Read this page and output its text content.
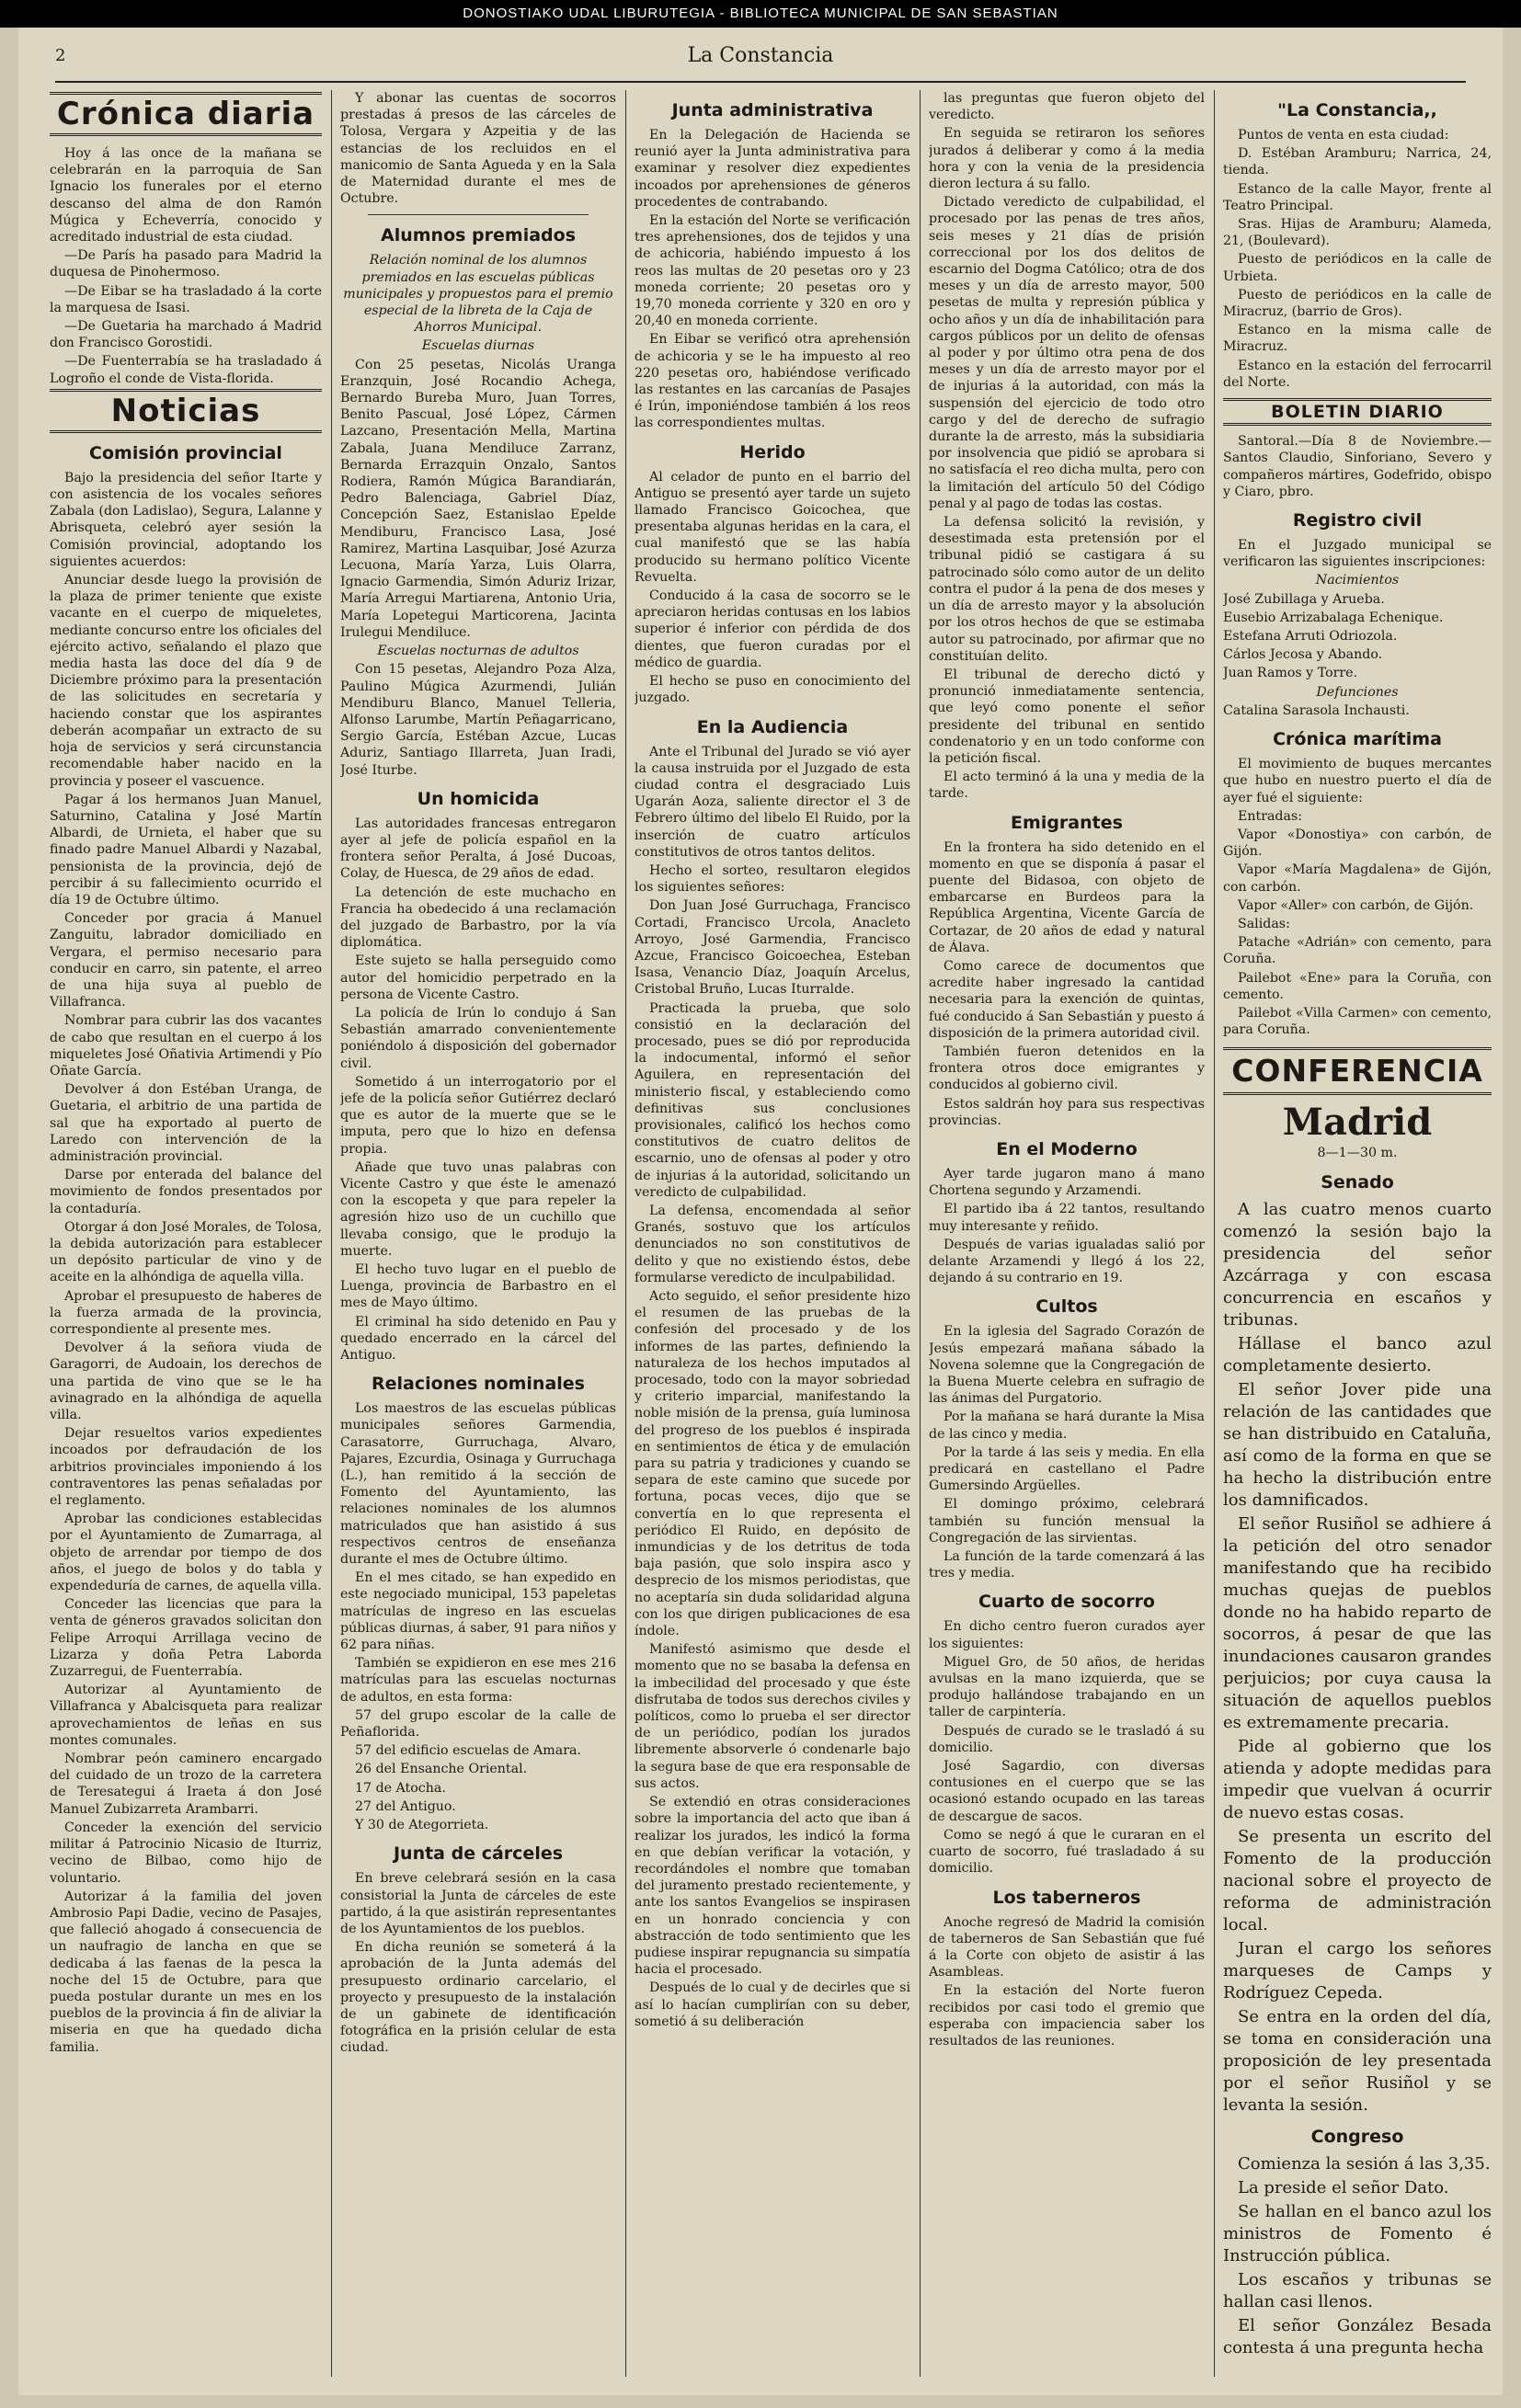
DONOSTIAKO UDAL LIBURUTEGIA - BIBLIOTECA MUNICIPAL DE SAN SEBASTIAN
2	La Constancia
Crónica diaria

Hoy á las once de la mañana se celebrarán en la parroquia de San Ignacio los funerales por el eterno descanso del alma de don Ramón Múgica y Echeverría, conocido y acreditado industrial de esta ciudad.

—De París ha pasado para Madrid la duquesa de Pinohermoso.

—De Eibar se ha trasladado á la corte la marquesa de Isasi.

—De Guetaria ha marchado á Madrid don Francisco Gorostidi.

—De Fuenterrabía se ha trasladado á Logroño el conde de Vista-florida.

Noticias
Comisión provincial

Bajo la presidencia del señor Itarte y con asistencia de los vocales señores Zabala (don Ladislao), Segura, Lalanne y Abrisqueta, celebró ayer sesión la Comisión provincial, adoptando los siguientes acuerdos:

Anunciar desde luego la provisión de la plaza de primer teniente que existe vacante en el cuerpo de miqueletes, mediante concurso entre los oficiales del ejército activo, señalando el plazo que media hasta las doce del día 9 de Diciembre próximo para la presentación de las solicitudes en secretaría y haciendo constar que los aspirantes deberán acompañar un extracto de su hoja de servicios y será circunstancia recomendable haber nacido en la provincia y poseer el vascuence.

Pagar á los hermanos Juan Manuel, Saturnino, Catalina y José Martín Albardi, de Urnieta, el haber que su finado padre Manuel Albardi y Nazabal, pensionista de la provincia, dejó de percibir á su fallecimiento ocurrido el día 19 de Octubre último.

Conceder por gracia á Manuel Zanguitu, labrador domiciliado en Vergara, el permiso necesario para conducir en carro, sin patente, el arreo de una hija suya al pueblo de Villafranca.

Nombrar para cubrir las dos vacantes de cabo que resultan en el cuerpo á los miqueletes José Oñativia Artimendi y Pío Oñate García.

Devolver á don Estéban Uranga, de Guetaria, el arbitrio de una partida de sal que ha exportado al puerto de Laredo con intervención de la administración provincial.

Darse por enterada del balance del movimiento de fondos presentados por la contaduría.

Otorgar á don José Morales, de Tolosa, la debida autorización para establecer un depósito particular de vino y de aceite en la alhóndiga de aquella villa.

Aprobar el presupuesto de haberes de la fuerza armada de la provincia, correspondiente al presente mes.

Devolver á la señora viuda de Garagorri, de Audoain, los derechos de una partida de vino que se le ha avinagrado en la alhóndiga de aquella villa.

Dejar resueltos varios expedientes incoados por defraudación de los arbitrios provinciales imponiendo á los contraventores las penas señaladas por el reglamento.

Aprobar las condiciones establecidas por el Ayuntamiento de Zumarraga, al objeto de arrendar por tiempo de dos años, el juego de bolos y do tabla y expendeduría de carnes, de aquella villa.

Conceder las licencias que para la venta de géneros gravados solicitan don Felipe Arroqui Arrillaga vecino de Lizarza y doña Petra Laborda Zuzarregui, de Fuenterrabía.

Autorizar al Ayuntamiento de Villafranca y Abalcisqueta para realizar aprovechamientos de leñas en sus montes comunales.

Nombrar peón caminero encargado del cuidado de un trozo de la carretera de Teresategui á Iraeta á don José Manuel Zubizarreta Arambarri.

Conceder la exención del servicio militar á Patrocinio Nicasio de Iturriz, vecino de Bilbao, como hijo de voluntario.

Autorizar á la familia del joven Ambrosio Papi Dadie, vecino de Pasajes, que falleció ahogado á consecuencia de un naufragio de lancha en que se dedicaba á las faenas de la pesca la noche del 15 de Octubre, para que pueda postular durante un mes en los pueblos de la provincia á fin de aliviar la miseria en que ha quedado dicha familia.

Y abonar las cuentas de socorros prestadas á presos de las cárceles de Tolosa, Vergara y Azpeitia y de las estancias de los recluidos en el manicomio de Santa Agueda y en la Sala de Maternidad durante el mes de Octubre.

Alumnos premiados

Relación nominal de los alumnos premiados en las escuelas públicas municipales y propuestos para el premio especial de la libreta de la Caja de Ahorros Municipal.

Escuelas diurnas

Con 25 pesetas, Nicolás Uranga Eranzquin, José Rocandio Achega, Bernardo Bureba Muro, Juan Torres, Benito Pascual, José López, Cármen Lazcano, Presentación Mella, Martina Zabala, Juana Mendiluce Zarranz, Bernarda Errazquin Onzalo, Santos Rodiera, Ramón Múgica Barandiarán, Pedro Balenciaga, Gabriel Díaz, Concepción Saez, Estanislao Epelde Mendiburu, Francisco Lasa, José Ramirez, Martina Lasquibar, José Azurza Lecuona, María Yarza, Luis Olarra, Ignacio Garmendia, Simón Aduriz Irizar, María Arregui Martiarena, Antonio Uria, María Lopetegui Marticorena, Jacinta Irulegui Mendiluce.

Escuelas nocturnas de adultos

Con 15 pesetas, Alejandro Poza Alza, Paulino Múgica Azurmendi, Julián Mendiburu Blanco, Manuel Telleria, Alfonso Larumbe, Martín Peñagarricano, Sergio García, Estéban Azcue, Lucas Aduriz, Santiago Illarreta, Juan Iradi, José Iturbe.

Un homicida

Las autoridades francesas entregaron ayer al jefe de policía español en la frontera señor Peralta, á José Ducoas, Colay, de Huesca, de 29 años de edad.

La detención de este muchacho en Francia ha obedecido á una reclamación del juzgado de Barbastro, por la vía diplomática.

Este sujeto se halla perseguido como autor del homicidio perpetrado en la persona de Vicente Castro.

La policía de Irún lo condujo á San Sebastián amarrado convenientemente poniéndolo á disposición del gobernador civil.

Sometido á un interrogatorio por el jefe de la policía señor Gutiérrez declaró que es autor de la muerte que se le imputa, pero que lo hizo en defensa propia.

Añade que tuvo unas palabras con Vicente Castro y que éste le amenazó con la escopeta y que para repeler la agresión hizo uso de un cuchillo que llevaba consigo, que le produjo la muerte.

El hecho tuvo lugar en el pueblo de Luenga, provincia de Barbastro en el mes de Mayo último.

El criminal ha sido detenido en Pau y quedado encerrado en la cárcel del Antiguo.

Relaciones nominales

Los maestros de las escuelas públicas municipales señores Garmendia, Carasatorre, Gurruchaga, Alvaro, Pajares, Ezcurdia, Osinaga y Gurruchaga (L.), han remitido á la sección de Fomento del Ayuntamiento, las relaciones nominales de los alumnos matriculados que han asistido á sus respectivos centros de enseñanza durante el mes de Octubre último.

En el mes citado, se han expedido en este negociado municipal, 153 papeletas matrículas de ingreso en las escuelas públicas diurnas, á saber, 91 para niños y 62 para niñas.

También se expidieron en ese mes 216 matrículas para las escuelas nocturnas de adultos, en esta forma:

57 del grupo escolar de la calle de Peñaflorida.

57 del edificio escuelas de Amara.

26 del Ensanche Oriental.

17 de Atocha.

27 del Antiguo.

Y 30 de Ategorrieta.

Junta de cárceles

En breve celebrará sesión en la casa consistorial la Junta de cárceles de este partido, á la que asistirán representantes de los Ayuntamientos de los pueblos.

En dicha reunión se someterá á la aprobación de la Junta además del presupuesto ordinario carcelario, el proyecto y presupuesto de la instalación de un gabinete de identificación fotográfica en la prisión celular de esta ciudad.

Junta administrativa

En la Delegación de Hacienda se reunió ayer la Junta administrativa para examinar y resolver diez expedientes incoados por aprehensiones de géneros procedentes de contrabando.

En la estación del Norte se verificación tres aprehensiones, dos de tejidos y una de achicoria, habiéndo impuesto á los reos las multas de 20 pesetas oro y 23 moneda corriente; 20 pesetas oro y 19,70 moneda corriente y 320 en oro y 20,40 en moneda corriente.

En Eibar se verificó otra aprehensión de achicoria y se le ha impuesto al reo 220 pesetas oro, habiéndose verificado las restantes en las carcanías de Pasajes é Irún, imponiéndose también á los reos las correspondientes multas.

Herido

Al celador de punto en el barrio del Antiguo se presentó ayer tarde un sujeto llamado Francisco Goicochea, que presentaba algunas heridas en la cara, el cual manifestó que se las había producido su hermano político Vicente Revuelta.

Conducido á la casa de socorro se le apreciaron heridas contusas en los labios superior é inferior con pérdida de dos dientes, que fueron curadas por el médico de guardia.

El hecho se puso en conocimiento del juzgado.

En la Audiencia

Ante el Tribunal del Jurado se vió ayer la causa instruida por el Juzgado de esta ciudad contra el desgraciado Luis Ugarán Aoza, saliente director el 3 de Febrero último del libelo El Ruido, por la inserción de cuatro artículos constitutivos de otros tantos delitos.

Hecho el sorteo, resultaron elegidos los siguientes señores:

Don Juan José Gurruchaga, Francisco Cortadi, Francisco Urcola, Anacleto Arroyo, José Garmendia, Francisco Azcue, Francisco Goicoechea, Esteban Isasa, Venancio Díaz, Joaquín Arcelus, Cristobal Bruño, Lucas Iturralde.

Practicada la prueba, que solo consistió en la declaración del procesado, pues se dió por reproducida la indocumental, informó el señor Aguilera, en representación del ministerio fiscal, y estableciendo como definitivas sus conclusiones provisionales, calificó los hechos como constitutivos de cuatro delitos de escarnio, uno de ofensas al poder y otro de injurias á la autoridad, solicitando un veredicto de culpabilidad.

La defensa, encomendada al señor Granés, sostuvo que los artículos denunciados no son constitutivos de delito y que no existiendo éstos, debe formularse veredicto de inculpabilidad.

Acto seguido, el señor presidente hizo el resumen de las pruebas de la confesión del procesado y de los informes de las partes, definiendo la naturaleza de los hechos imputados al procesado, todo con la mayor sobriedad y criterio imparcial, manifestando la noble misión de la prensa, guía luminosa del progreso de los pueblos é inspirada en sentimientos de ética y de emulación para su patria y tradiciones y cuando se separa de este camino que sucede por fortuna, pocas veces, dijo que se convertía en lo que representa el periódico El Ruido, en depósito de inmundicias y de los detritus de toda baja pasión, que solo inspira asco y desprecio de los mismos periodistas, que no aceptaría sin duda solidaridad alguna con los que dirigen publicaciones de esa índole.

Manifestó asimismo que desde el momento que no se basaba la defensa en la imbecilidad del procesado y que éste disfrutaba de todos sus derechos civiles y políticos, como lo prueba el ser director de un periódico, podían los jurados libremente absorverle ó condenarle bajo la segura base de que era responsable de sus actos.

Se extendió en otras consideraciones sobre la importancia del acto que iban á realizar los jurados, les indicó la forma en que debían verificar la votación, y recordándoles el nombre que tomaban del juramento prestado recientemente, y ante los santos Evangelios se inspirasen en un honrado conciencia y con abstracción de todo sentimiento que les pudiese inspirar repugnancia su simpatía hacia el procesado.

Después de lo cual y de decirles que si así lo hacían cumplirían con su deber, sometió á su deliberación

las preguntas que fueron objeto del veredicto.

En seguida se retiraron los señores jurados á deliberar y como á la media hora y con la venia de la presidencia dieron lectura á su fallo.

Dictado veredicto de culpabilidad, el procesado por las penas de tres años, seis meses y 21 días de prisión correccional por los dos delitos de escarnio del Dogma Católico; otra de dos meses y un día de arresto mayor, 500 pesetas de multa y represión pública y ocho años y un día de inhabilitación para cargos públicos por un delito de ofensas al poder y por último otra pena de dos meses y un día de arresto mayor por el de injurias á la autoridad, con más la suspensión del ejercicio de todo otro cargo y del de derecho de sufragio durante la de arresto, más la subsidiaria por insolvencia que pidió se aprobara si no satisfacía el reo dicha multa, pero con la limitación del artículo 50 del Código penal y al pago de todas las costas.

La defensa solicitó la revisión, y desestimada esta pretensión por el tribunal pidió se castigara á su patrocinado sólo como autor de un delito contra el pudor á la pena de dos meses y un día de arresto mayor y la absolución por los otros hechos de que se estimaba autor su patrocinado, por afirmar que no constituían delito.

El tribunal de derecho dictó y pronunció inmediatamente sentencia, que leyó como ponente el señor presidente del tribunal en sentido condenatorio y en un todo conforme con la petición fiscal.

El acto terminó á la una y media de la tarde.

Emigrantes

En la frontera ha sido detenido en el momento en que se disponía á pasar el puente del Bidasoa, con objeto de embarcarse en Burdeos para la República Argentina, Vicente García de Cortazar, de 20 años de edad y natural de Álava.

Como carece de documentos que acredite haber ingresado la cantidad necesaria para la exención de quintas, fué conducido á San Sebastián y puesto á disposición de la primera autoridad civil.

También fueron detenidos en la frontera otros doce emigrantes y conducidos al gobierno civil.

Estos saldrán hoy para sus respectivas provincias.

En el Moderno

Ayer tarde jugaron mano á mano Chortena segundo y Arzamendi.

El partido iba á 22 tantos, resultando muy interesante y reñido.

Después de varias igualadas salió por delante Arzamendi y llegó á los 22, dejando á su contrario en 19.

Cultos

En la iglesia del Sagrado Corazón de Jesús empezará mañana sábado la Novena solemne que la Congregación de la Buena Muerte celebra en sufragio de las ánimas del Purgatorio.

Por la mañana se hará durante la Misa de las cinco y media.

Por la tarde á las seis y media. En ella predicará en castellano el Padre Gumersindo Argüelles.

El domingo próximo, celebrará también su función mensual la Congregación de las sirvientas.

La función de la tarde comenzará á las tres y media.

Cuarto de socorro

En dicho centro fueron curados ayer los siguientes:

Miguel Gro, de 50 años, de heridas avulsas en la mano izquierda, que se produjo hallándose trabajando en un taller de carpintería.

Después de curado se le trasladó á su domicilio.

José Sagardio, con diversas contusiones en el cuerpo que se las ocasionó estando ocupado en las tareas de descargue de sacos.

Como se negó á que le curaran en el cuarto de socorro, fué trasladado á su domicilio.

Los taberneros

Anoche regresó de Madrid la comisión de taberneros de San Sebastián que fué á la Corte con objeto de asistir á las Asambleas.

En la estación del Norte fueron recibidos por casi todo el gremio que esperaba con impaciencia saber los resultados de las reuniones.

"La Constancia,,

Puntos de venta en esta ciudad:

D. Estéban Aramburu; Narrica, 24, tienda.

Estanco de la calle Mayor, frente al Teatro Principal.

Sras. Hijas de Aramburu; Alameda, 21, (Boulevard).

Puesto de periódicos en la calle de Urbieta.

Puesto de periódicos en la calle de Miracruz, (barrio de Gros).

Estanco en la misma calle de Miracruz.

Estanco en la estación del ferrocarril del Norte.

BOLETIN DIARIO

Santoral.—Día 8 de Noviembre.—Santos Claudio, Sinforiano, Severo y compañeros mártires, Godefrido, obispo y Ciaro, pbro.

Registro civil

En el Juzgado municipal se verificaron las siguientes inscripciones:

Nacimientos

José Zubillaga y Arueba.

Eusebio Arrizabalaga Echenique.

Estefana Arruti Odriozola.

Cárlos Jecosa y Abando.

Juan Ramos y Torre.

Defunciones

Catalina Sarasola Inchausti.

Crónica marítima

El movimiento de buques mercantes que hubo en nuestro puerto el día de ayer fué el siguiente:

Entradas:

Vapor «Donostiya» con carbón, de Gijón.

Vapor «María Magdalena» de Gijón, con carbón.

Vapor «Aller» con carbón, de Gijón.

Salidas:

Patache «Adrián» con cemento, para Coruña.

Pailebot «Ene» para la Coruña, con cemento.

Pailebot «Villa Carmen» con cemento, para Coruña.

CONFERENCIA
Madrid

8—1—30 m.

Senado

A las cuatro menos cuarto comenzó la sesión bajo la presidencia del señor Azcárraga y con escasa concurrencia en escaños y tribunas.

Hállase el banco azul completamente desierto.

El señor Jover pide una relación de las cantidades que se han distribuido en Cataluña, así como de la forma en que se ha hecho la distribución entre los damnificados.

El señor Rusiñol se adhiere á la petición del otro senador manifestando que ha recibido muchas quejas de pueblos donde no ha habido reparto de socorros, á pesar de que las inundaciones causaron grandes perjuicios; por cuya causa la situación de aquellos pueblos es extremamente precaria.

Pide al gobierno que los atienda y adopte medidas para impedir que vuelvan á ocurrir de nuevo estas cosas.

Se presenta un escrito del Fomento de la producción nacional sobre el proyecto de reforma de administración local.

Juran el cargo los señores marqueses de Camps y Rodríguez Cepeda.

Se entra en la orden del día, se toma en consideración una proposición de ley presentada por el señor Rusiñol y se levanta la sesión.

Congreso

Comienza la sesión á las 3,35.

La preside el señor Dato.

Se hallan en el banco azul los ministros de Fomento é Instrucción pública.

Los escaños y tribunas se hallan casi llenos.

El señor González Besada contesta á una pregunta hecha
